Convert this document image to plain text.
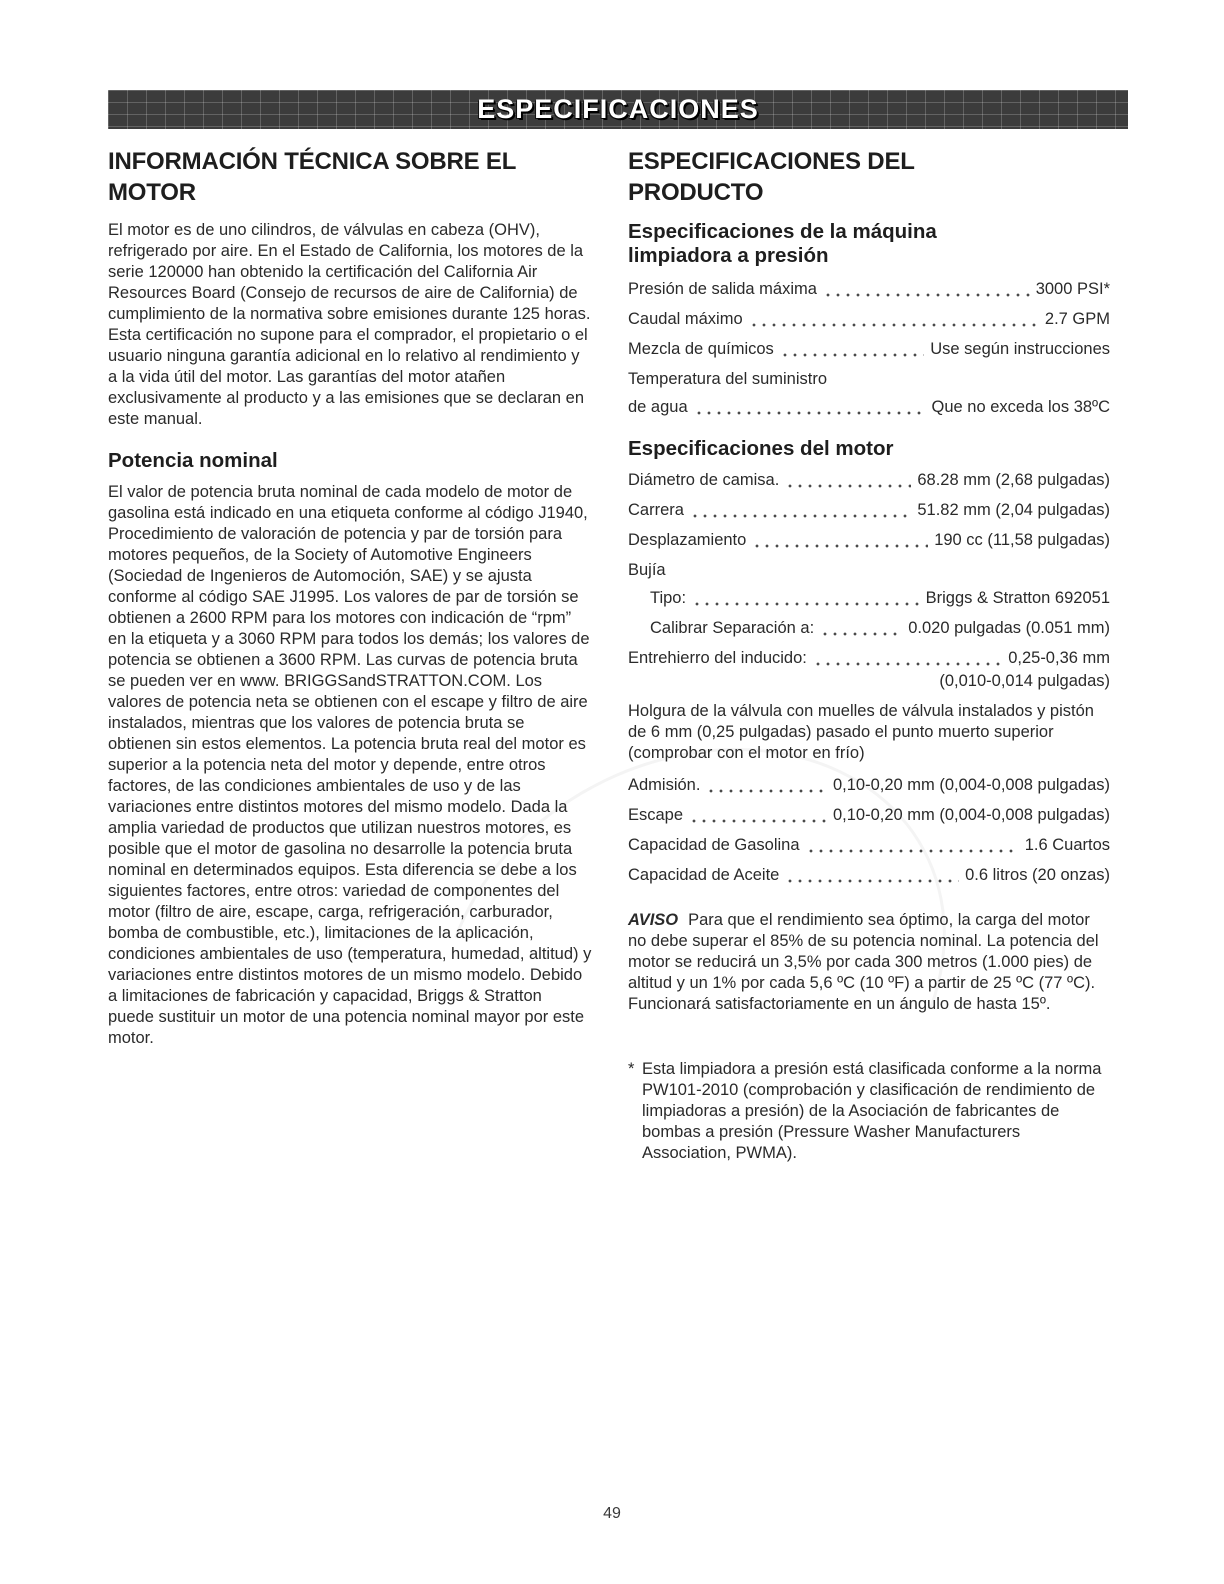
ESPECIFICACIONES
INFORMACIÓN TÉCNICA SOBRE EL MOTOR

El motor es de uno cilindros, de válvulas en cabeza (OHV), refrigerado por aire. En el Estado de California, los motores de la serie 120000 han obtenido la certificación del California Air Resources Board (Consejo de recursos de aire de California) de cumplimiento de la normativa sobre emisiones durante 125 horas. Esta certificación no supone para el comprador, el propietario o el usuario ninguna garantía adicional en lo relativo al rendimiento y a la vida útil del motor. Las garantías del motor atañen exclusivamente al producto y a las emisiones que se declaran en este manual.

Potencia nominal

El valor de potencia bruta nominal de cada modelo de motor de gasolina está indicado en una etiqueta conforme al código J1940, Procedimiento de valoración de potencia y par de torsión para motores pequeños, de la Society of Automotive Engineers (Sociedad de Ingenieros de Automoción, SAE) y se ajusta conforme al código SAE J1995. Los valores de par de torsión se obtienen a 2600 RPM para los motores con indicación de “rpm” en la etiqueta y a 3060 RPM para todos los demás; los valores de potencia se obtienen a 3600 RPM. Las curvas de potencia bruta se pueden ver en www. BRIGGSandSTRATTON.COM. Los valores de potencia neta se obtienen con el escape y filtro de aire instalados, mientras que los valores de potencia bruta se obtienen sin estos elementos. La potencia bruta real del motor es superior a la potencia neta del motor y depende, entre otros factores, de las condiciones ambientales de uso y de las variaciones entre distintos motores del mismo modelo. Dada la amplia variedad de productos que utilizan nuestros motores, es posible que el motor de gasolina no desarrolle la potencia bruta nominal en determinados equipos. Esta diferencia se debe a los siguientes factores, entre otros: variedad de componentes del motor (filtro de aire, escape, carga, refrigeración, carburador, bomba de combustible, etc.), limitaciones de la aplicación, condiciones ambientales de uso (temperatura, humedad, altitud) y variaciones entre distintos motores de un mismo modelo. Debido a limitaciones de fabricación y capacidad, Briggs & Stratton puede sustituir un motor de una potencia nominal mayor por este motor.

ESPECIFICACIONES DEL PRODUCTO
Especificaciones de la máquina limpiadora a presión
Presión de salida máxima	3000 PSI*
Caudal máximo	2.7 GPM
Mezcla de químicos	Use según instrucciones
Temperatura del suministro
de agua	Que no exceda los 38ºC
Especificaciones del motor
Diámetro de camisa.	68.28 mm (2,68 pulgadas)
Carrera	51.82 mm (2,04 pulgadas)
Desplazamiento	190 cc (11,58 pulgadas)
Bujía
Tipo:	Briggs & Stratton 692051
Calibrar Separación a:	0.020 pulgadas (0.051 mm)
Entrehierro del inducido:	0,25-0,36 mm
(0,010-0,014 pulgadas)

Holgura de la válvula con muelles de válvula instalados y pistón de 6 mm (0,25 pulgadas) pasado el punto muerto superior (comprobar con el motor en frío)

Admisión.	0,10-0,20 mm (0,004-0,008 pulgadas)
Escape	0,10-0,20 mm (0,004-0,008 pulgadas)
Capacidad de Gasolina	1.6 Cuartos
Capacidad de Aceite	0.6 litros (20 onzas)

AVISO Para que el rendimiento sea óptimo, la carga del motor no debe superar el 85% de su potencia nominal. La potencia del motor se reducirá un 3,5% por cada 300 metros (1.000 pies) de altitud y un 1% por cada 5,6 ºC (10 ºF) a partir de 25 ºC (77 ºC). Funcionará satisfactoriamente en un ángulo de hasta 15º.

* Esta limpiadora a presión está clasificada conforme a la norma PW101-2010 (comprobación y clasificación de rendimiento de limpiadoras a presión) de la Asociación de fabricantes de bombas a presión (Pressure Washer Manufacturers Association, PWMA).
49
